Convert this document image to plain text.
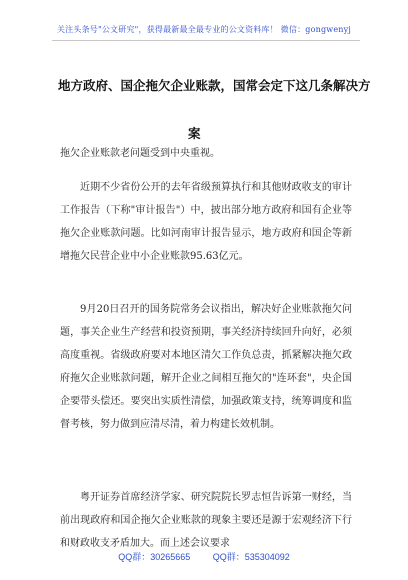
关注头条号"公文研究"，获得最新最全最专业的公文资料库！ 微信：gongwenyj
地方政府、国企拖欠企业账款，国常会定下这几条解决方
案

拖欠企业账款老问题受到中央重视。

近期不少省份公开的去年省级预算执行和其他财政收支的审计工作报告（下称"审计报告"）中，披出部分地方政府和国有企业等拖欠企业账款问题。比如河南审计报告显示，地方政府和国企等新增拖欠民营企业中小企业账款95.63亿元。

9月20日召开的国务院常务会议指出，解决好企业账款拖欠问题，事关企业生产经营和投资预期，事关经济持续回升向好，必须高度重视。省级政府要对本地区清欠工作负总责，抓紧解决拖欠政府拖欠企业账款问题，解开企业之间相互拖欠的"连环套"，央企国企要带头偿还。要突出实质性清偿，加强政策支持，统筹调度和监督考核，努力做到应清尽清，着力构建长效机制。

粤开证券首席经济学家、研究院院长罗志恒告诉第一财经，当前出现政府和国企拖欠企业账款的现象主要还是源于宏观经济下行和财政收支矛盾加大。而上述会议要求

QQ群：30265665	QQ群：535304092
